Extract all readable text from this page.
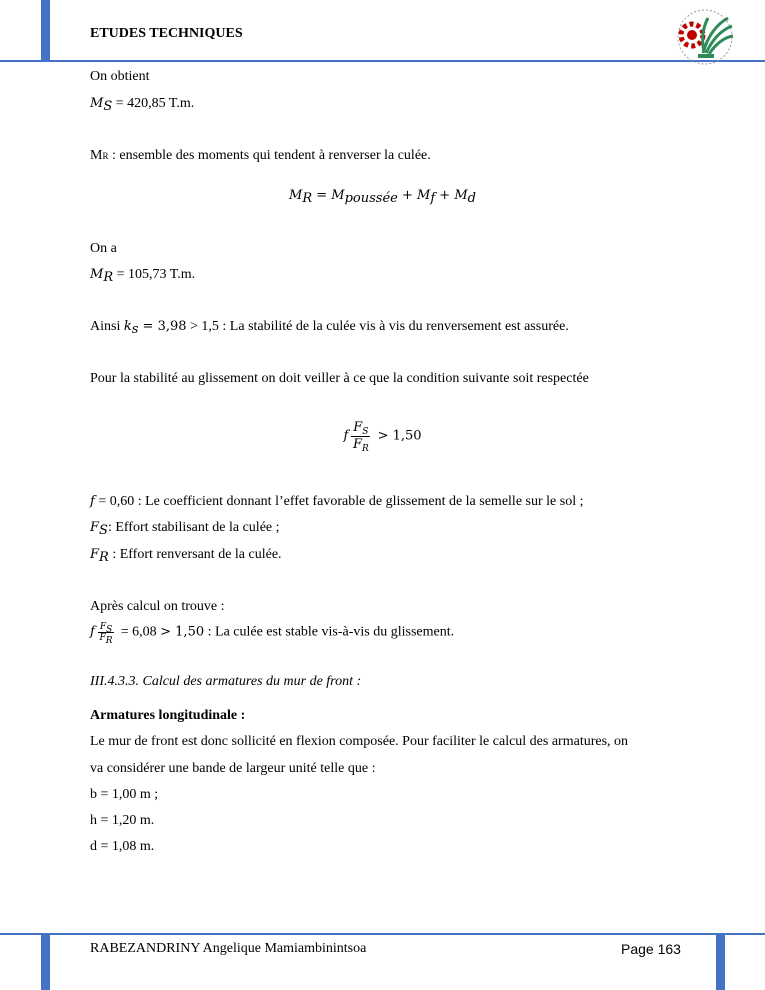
ETUDES TECHNIQUES
On obtient
$M_S = 420,85$ T.m.
MR : ensemble des moments qui tendent à renverser la culée.
$M_R = M_{poussée} + M_f + M_d$
On a
$M_R = 105,73$ T.m.
Ainsi $k_s = 3,98 > 1,5$ : La stabilité de la culée vis à vis du renversement est assurée.
Pour la stabilité au glissement on doit veiller à ce que la condition suivante soit respectée
f $\frac{F_S}{F_R} > 1,50$
f = 0,60 : Le coefficient donnant l’effet favorable de glissement de la semelle sur le sol ;
$F_S$: Effort stabilisant de la culée ;
$F_R$ : Effort renversant de la culée.
Après calcul on trouve :
f $\frac{F_S}{F_R} = 6,08 > 1,50$ : La culée est stable vis-à-vis du glissement.
III.4.3.3. Calcul des armatures du mur de front :
Armatures longitudinale :
Le mur de front est donc sollicité en flexion composée. Pour faciliter le calcul des armatures, on
va considérer une bande de largeur unité telle que :
b = 1,00 m ;
h = 1,20 m.
d = 1,08 m.
RABEZANDRINY Angelique Mamiambinintsoa	Page 163
